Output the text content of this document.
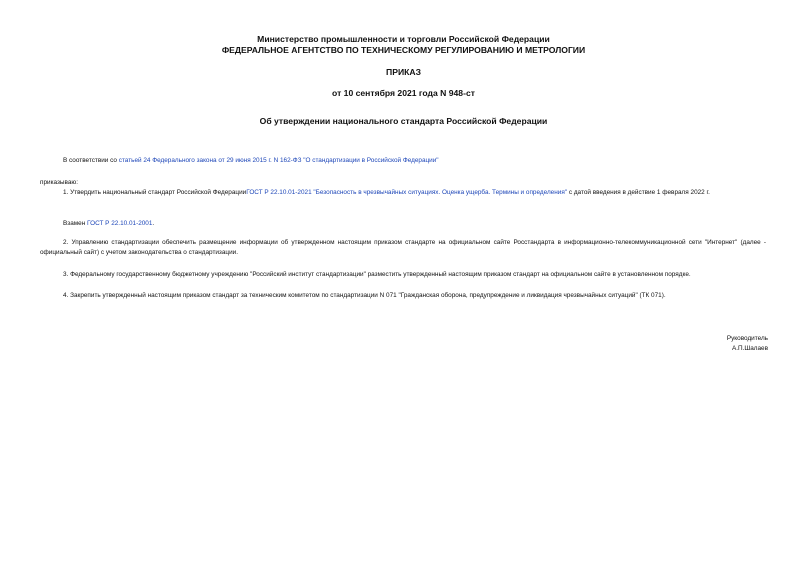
Министерство промышленности и торговли Российской Федерации
ФЕДЕРАЛЬНОЕ АГЕНТСТВО ПО ТЕХНИЧЕСКОМУ РЕГУЛИРОВАНИЮ И МЕТРОЛОГИИ
ПРИКАЗ
от 10 сентября 2021 года N 948-ст
Об утверждении национального стандарта Российской Федерации
В соответствии со статьей 24 Федерального закона от 29 июня 2015 г. N 162-ФЗ "О стандартизации в Российской Федерации"
приказываю:
1. Утвердить национальный стандарт Российской ФедерацииГОСТ Р 22.10.01-2021 "Безопасность в чрезвычайных ситуациях. Оценка ущерба. Термины и определения" с датой введения в действие 1 февраля 2022 г.
Взамен ГОСТ Р 22.10.01-2001.
2. Управлению стандартизации обеспечить размещение информации об утвержденном настоящим приказом стандарте на официальном сайте Росстандарта в информационно-телекоммуникационной сети "Интернет" (далее - официальный сайт) с учетом законодательства о стандартизации.
3. Федеральному государственному бюджетному учреждению "Российский институт стандартизации" разместить утвержденный настоящим приказом стандарт на официальном сайте в установленном порядке.
4. Закрепить утвержденный настоящим приказом стандарт за техническим комитетом по стандартизации N 071 "Гражданская оборона, предупреждение и ликвидация чрезвычайных ситуаций" (ТК 071).
Руководитель
А.П.Шалаев
